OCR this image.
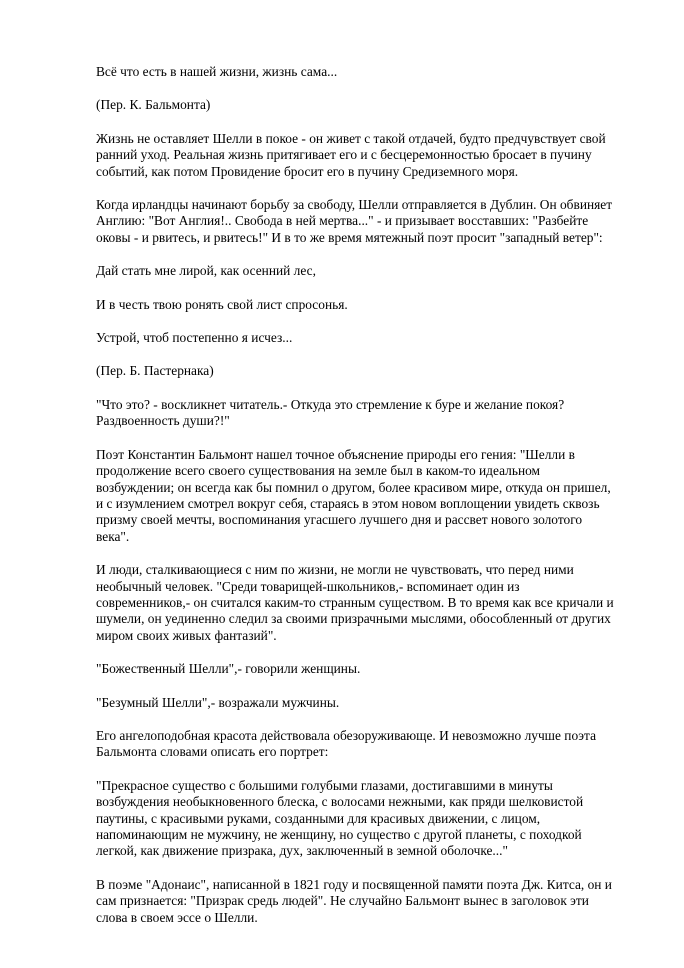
Всё что есть в нашей жизни, жизнь сама...

(Пер. К. Бальмонта)

Жизнь не оставляет Шелли в покое - он живет с такой отдачей, будто предчувствует свой
ранний уход. Реальная жизнь притягивает его и с бесцеремонностью бросает в пучину
событий, как потом Провидение бросит его в пучину Средиземного моря.

Когда ирландцы начинают борьбу за свободу, Шелли отправляется в Дублин. Он обвиняет
Англию: "Вот Англия!.. Свобода в ней мертва..." - и призывает восставших: "Разбейте
оковы - и рвитесь, и рвитесь!" И в то же время мятежный поэт просит "западный ветер":

Дай стать мне лирой, как осенний лес,

И в честь твою ронять свой лист спросонья.

Устрой, чтоб постепенно я исчез...

(Пер. Б. Пастернака)

"Что это? - воскликнет читатель.- Откуда это стремление к буре и желание покоя?
Раздвоенность души?!"

Поэт Константин Бальмонт нашел точное объяснение природы его гения: "Шелли в
продолжение всего своего существования на земле был в каком-то идеальном
возбуждении; он всегда как бы помнил о другом, более красивом мире, откуда он пришел,
и с изумлением смотрел вокруг себя, стараясь в этом новом воплощении увидеть сквозь
призму своей мечты, воспоминания угасшего лучшего дня и рассвет нового золотого
века".

И люди, сталкивающиеся с ним по жизни, не могли не чувствовать, что перед ними
необычный человек. "Среди товарищей-школьников,- вспоминает один из
современников,- он считался каким-то странным существом. В то время как все кричали и
шумели, он уединенно следил за своими призрачными мыслями, обособленный от других
миром своих живых фантазий".

"Божественный Шелли",- говорили женщины.

"Безумный Шелли",- возражали мужчины.

Его ангелоподобная красота действовала обезоруживающе. И невозможно лучше поэта
Бальмонта словами описать его портрет:

"Прекрасное существо с большими голубыми глазами, достигавшими в минуты
возбуждения необыкновенного блеска, с волосами нежными, как пряди шелковистой
паутины, с красивыми руками, созданными для красивых движении, с лицом,
напоминающим не мужчину, не женщину, но существо с другой планеты, с походкой
легкой, как движение призрака, дух, заключенный в земной оболочке..."

В поэме "Адонаис", написанной в 1821 году и посвященной памяти поэта Дж. Китса, он и
сам признается: "Призрак средь людей". Не случайно Бальмонт вынес в заголовок эти
слова в своем эссе о Шелли.
